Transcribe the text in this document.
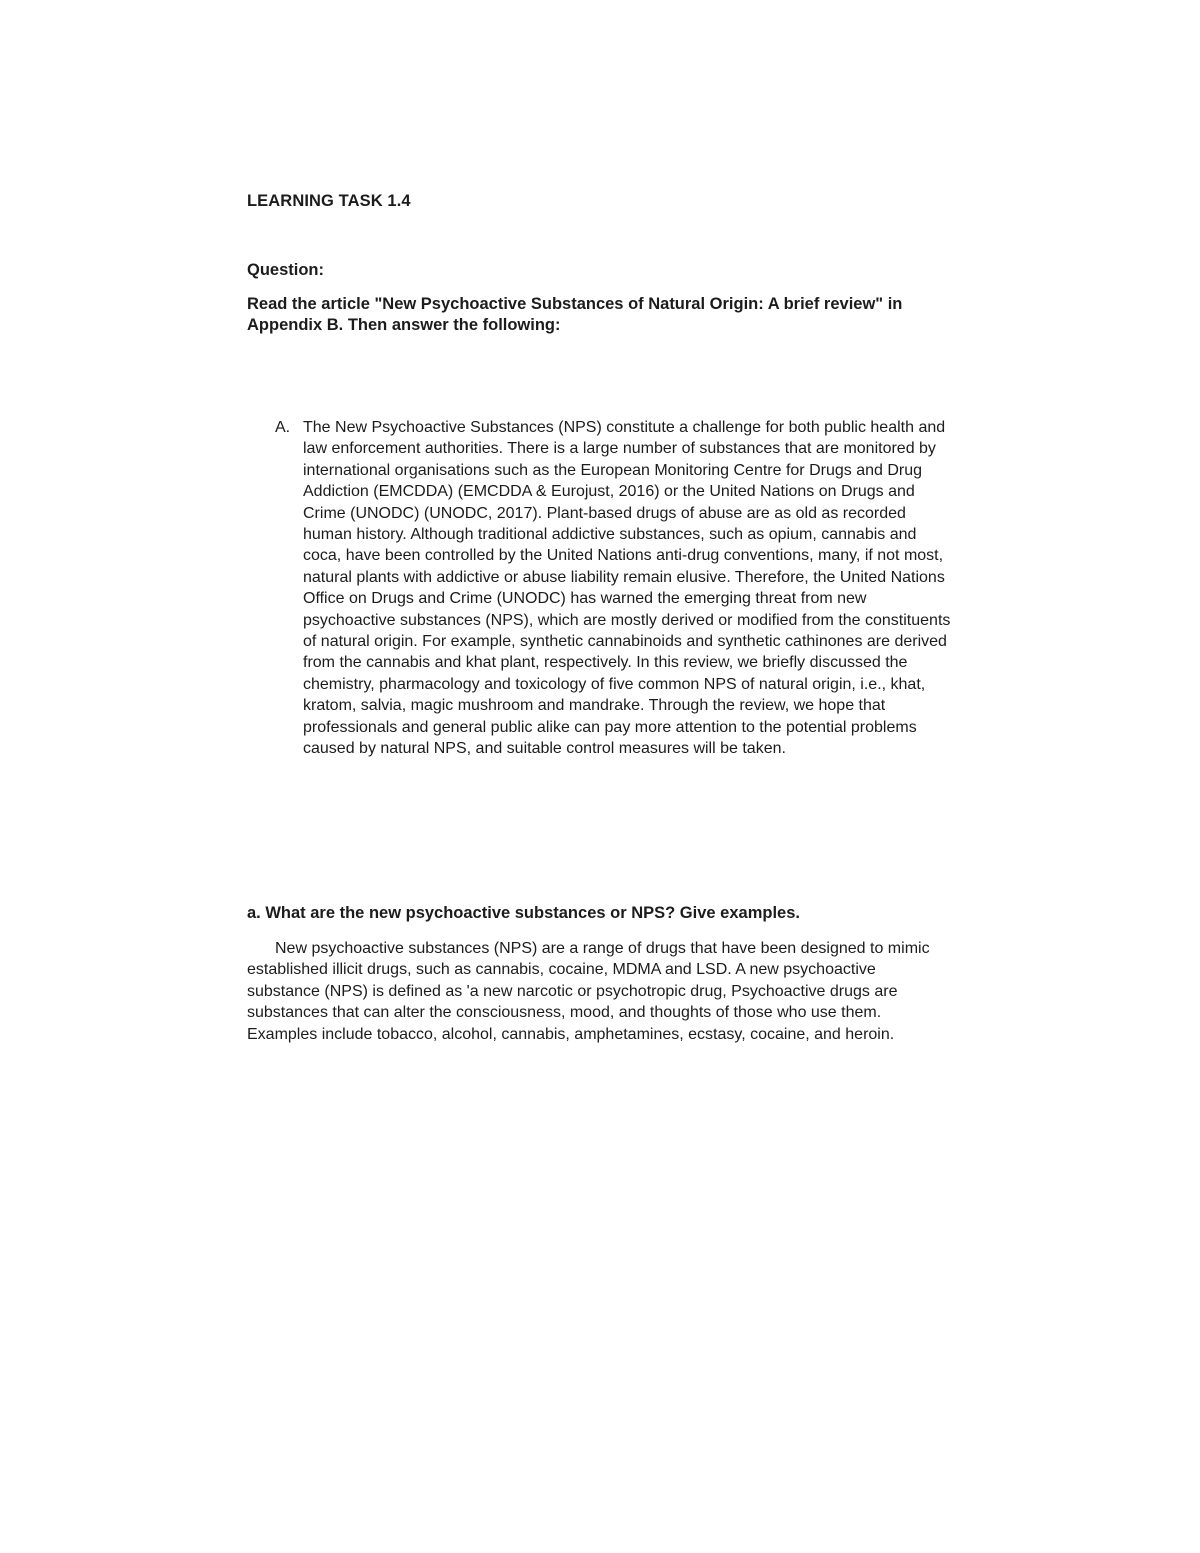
LEARNING TASK 1.4
Question:
Read the article "New Psychoactive Substances of Natural Origin: A brief review" in Appendix B. Then answer the following:
A. The New Psychoactive Substances (NPS) constitute a challenge for both public health and law enforcement authorities. There is a large number of substances that are monitored by international organisations such as the European Monitoring Centre for Drugs and Drug Addiction (EMCDDA) (EMCDDA & Eurojust, 2016) or the United Nations on Drugs and Crime (UNODC) (UNODC, 2017). Plant-based drugs of abuse are as old as recorded human history. Although traditional addictive substances, such as opium, cannabis and coca, have been controlled by the United Nations anti-drug conventions, many, if not most, natural plants with addictive or abuse liability remain elusive. Therefore, the United Nations Office on Drugs and Crime (UNODC) has warned the emerging threat from new psychoactive substances (NPS), which are mostly derived or modified from the constituents of natural origin. For example, synthetic cannabinoids and synthetic cathinones are derived from the cannabis and khat plant, respectively. In this review, we briefly discussed the chemistry, pharmacology and toxicology of five common NPS of natural origin, i.e., khat, kratom, salvia, magic mushroom and mandrake. Through the review, we hope that professionals and general public alike can pay more attention to the potential problems caused by natural NPS, and suitable control measures will be taken.
a. What are the new psychoactive substances or NPS? Give examples.
New psychoactive substances (NPS) are a range of drugs that have been designed to mimic established illicit drugs, such as cannabis, cocaine, MDMA and LSD. A new psychoactive substance (NPS) is defined as 'a new narcotic or psychotropic drug, Psychoactive drugs are substances that can alter the consciousness, mood, and thoughts of those who use them. Examples include tobacco, alcohol, cannabis, amphetamines, ecstasy, cocaine, and heroin.
